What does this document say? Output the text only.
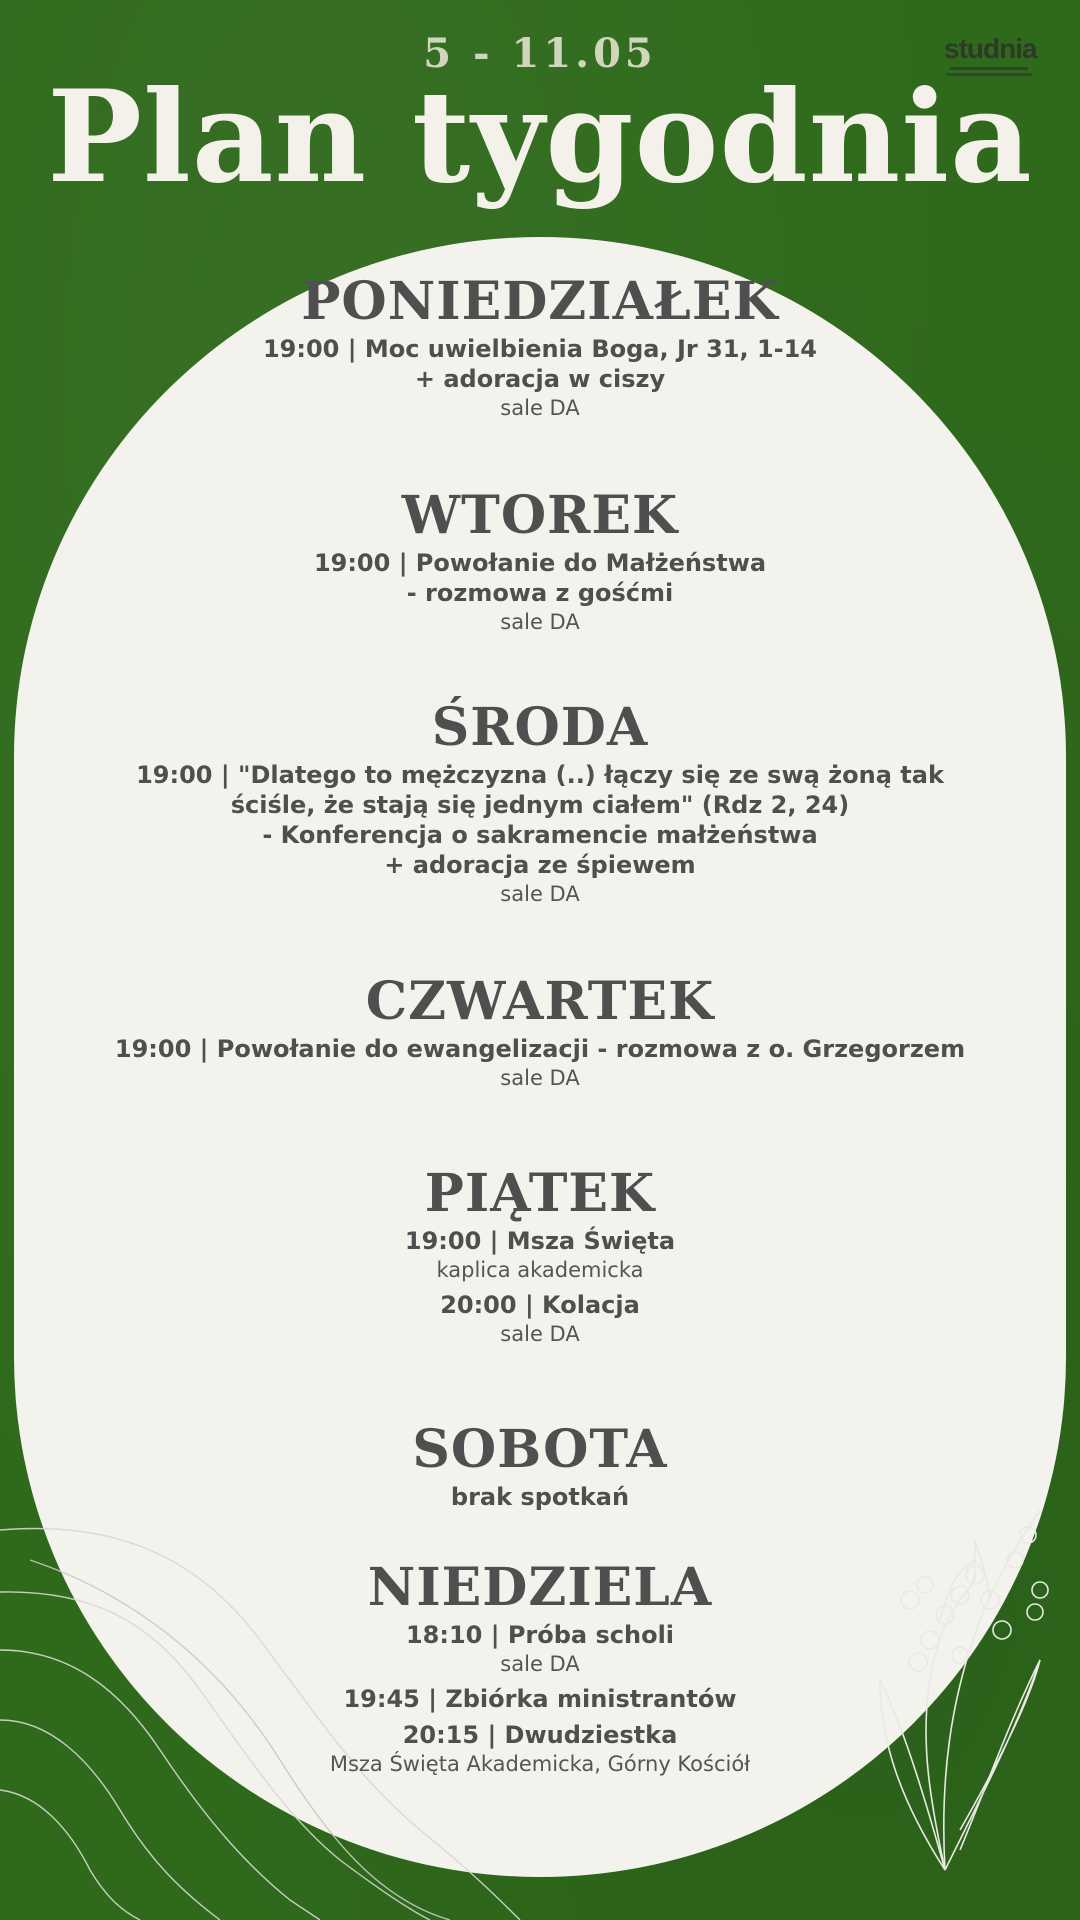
5 - 11.05	studnia
Plan tygodnia
PONIEDZIAŁEK
19:00 | Moc uwielbienia Boga, Jr 31, 1-14
+ adoracja w ciszy
sale DA
WTOREK
19:00 | Powołanie do Małżeństwa
- rozmowa z gośćmi
sale DA
ŚRODA
19:00 | "Dlatego to mężczyzna (..) łączy się ze swą żoną tak
ściśle, że stają się jednym ciałem" (Rdz 2, 24)
- Konferencja o sakramencie małżeństwa
+ adoracja ze śpiewem
sale DA
CZWARTEK
19:00 | Powołanie do ewangelizacji - rozmowa z o. Grzegorzem
sale DA
PIĄTEK
19:00 | Msza Święta
kaplica akademicka
20:00 | Kolacja
sale DA
SOBOTA
brak spotkań
NIEDZIELA
18:10 | Próba scholi
sale DA
19:45 | Zbiórka ministrantów
20:15 | Dwudziestka
Msza Święta Akademicka, Górny Kościół
